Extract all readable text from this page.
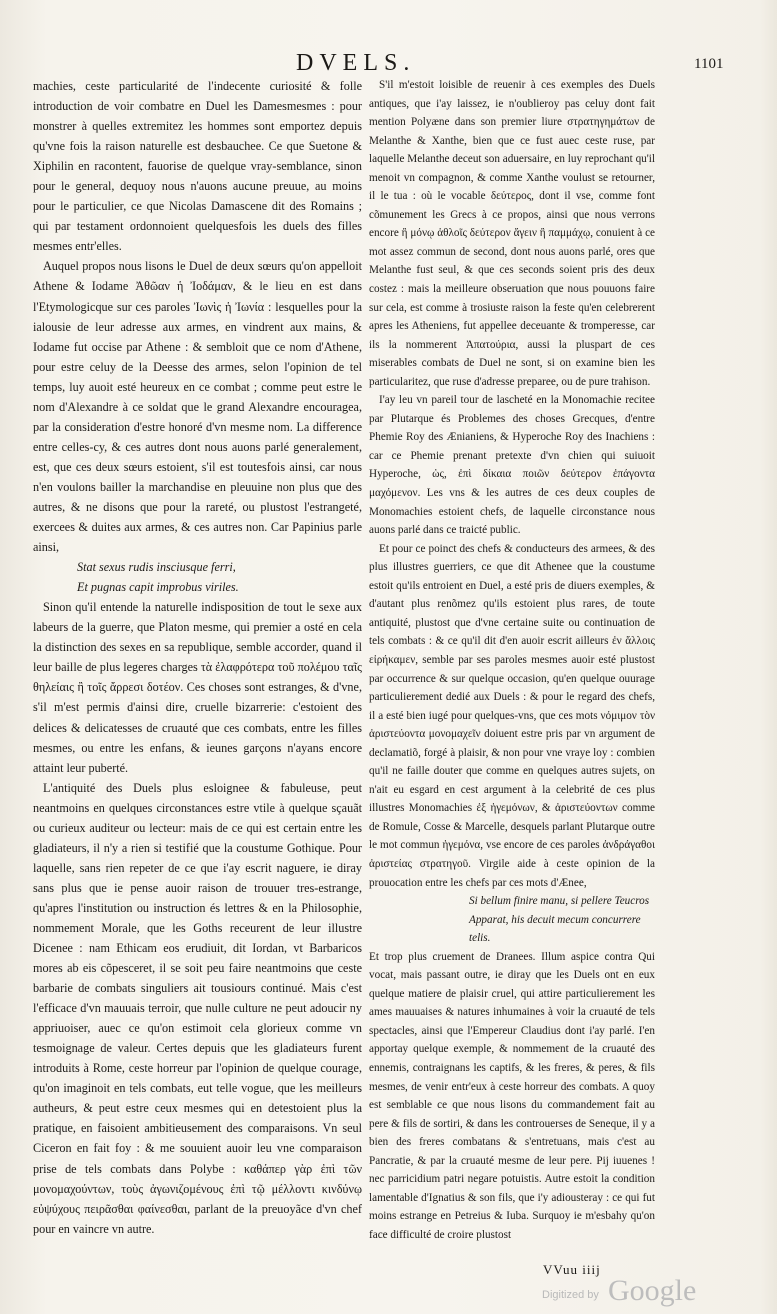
DVELS.	1101

machies, ceste particularité de l'indecente curiosité & folle introduction de voir combatre en Duel les Damesmesmes : pour monstrer à quelles extremitez les hommes sont emportez depuis qu'vne fois la raison naturelle est desbauchee. Ce que Suetone & Xiphilin en racontent, fauorise de quelque vray-semblance, sinon pour le general, dequoy nous n'auons aucune preuue, au moins pour le particulier, ce que Nicolas Damascene dit des Romains ; qui par testament ordonnoient quelquesfois les duels des filles mesmes entr'elles.

Auquel propos nous lisons le Duel de deux sœurs qu'on appelloit Athene & Iodame Ἀθῶαν ἡ Ἰοδάμαν, & le lieu en est dans l'Etymologicque sur ces paroles Ἰωνὶς ἡ Ἰωνία : lesquelles pour la ialousie de leur adresse aux armes, en vindrent aux mains, & Iodame fut occise par Athene : & sembloit que ce nom d'Athene, pour estre celuy de la Deesse des armes, selon l'opinion de tel temps, luy auoit esté heureux en ce combat ; comme peut estre le nom d'Alexandre à ce soldat que le grand Alexandre encouragea, par la consideration d'estre honoré d'vn mesme nom. La difference entre celles-cy, & ces autres dont nous auons parlé generalement, est, que ces deux sœurs estoient, s'il est toutesfois ainsi, car nous n'en voulons bailler la marchandise en pleuuine non plus que des autres, & ne disons que pour la rareté, ou plustost l'estrangeté, exercees & duites aux armes, & ces autres non. Car Papinius parle ainsi,

Stat sexus rudis insciusque ferri,

Et pugnas capit improbus viriles.

Sinon qu'il entende la naturelle indisposition de tout le sexe aux labeurs de la guerre, que Platon mesme, qui premier a osté en cela la distinction des sexes en sa republique, semble accorder, quand il leur baille de plus legeres charges τὰ ἐλαφρότερα τοῦ πολέμου ταῖς θηλείαις ἢ τοῖς ἄρρεσι δοτέον. Ces choses sont estranges, & d'vne, s'il m'est permis d'ainsi dire, cruelle bizarrerie: c'estoient des delices & delicatesses de cruauté que ces combats, entre les filles mesmes, ou entre les enfans, & ieunes garçons n'ayans encore attaint leur puberté.

L'antiquité des Duels plus esloignee & fabuleuse, peut neantmoins en quelques circonstances estre vtile à quelque sçauãt ou curieux auditeur ou lecteur: mais de ce qui est certain entre les gladiateurs, il n'y a rien si testifié que la coustume Gothique. Pour laquelle, sans rien repeter de ce que i'ay escrit naguere, ie diray sans plus que ie pense auoir raison de trouuer tres-estrange, qu'apres l'institution ou instruction és lettres & en la Philosophie, nommement Morale, que les Goths receurent de leur illustre Dicenee : nam Ethicam eos erudiuit, dit Iordan, vt Barbaricos mores ab eis cõpesceret, il se soit peu faire neantmoins que ceste barbarie de combats singuliers ait tousiours continué. Mais c'est l'efficace d'vn mauuais terroir, que nulle culture ne peut adoucir ny appriuoiser, auec ce qu'on estimoit cela glorieux comme vn tesmoignage de valeur. Certes depuis que les gladiateurs furent introduits à Rome, ceste horreur par l'opinion de quelque courage, qu'on imaginoit en tels combats, eut telle vogue, que les meilleurs autheurs, & peut estre ceux mesmes qui en detestoient plus la pratique, en faisoient ambitieusement des comparaisons. Vn seul Ciceron en fait foy : & me souuient auoir leu vne comparaison prise de tels combats dans Polybe : καθάπερ γὰρ ἐπὶ τῶν μονομαχούντων, τοὺς ἀγωνιζομένους ἐπὶ τῷ μέλλοντι κινδύνῳ εὐψύχους πειρᾶσθαι φαίνεσθαι, parlant de la preuoyãce d'vn chef pour en vaincre vn autre.

S'il m'estoit loisible de reuenir à ces exemples des Duels antiques, que i'ay laissez, ie n'oublieroy pas celuy dont fait mention Polyæne dans son premier liure στρατηγημάτων de Melanthe & Xanthe, bien que ce fust auec ceste ruse, par laquelle Melanthe deceut son aduersaire, en luy reprochant qu'il menoit vn compagnon, & comme Xanthe voulust se retourner, il le tua : où le vocable δεύτερος, dont il vse, comme font cõmunement les Grecs à ce propos, ainsi que nous verrons encore ἢ μόνῳ ἀθλοῖς δεύτερον ἄγειν ἢ παμμάχῳ, conuient à ce mot assez commun de second, dont nous auons parlé, ores que Melanthe fust seul, & que ces seconds soient pris des deux costez : mais la meilleure obseruation que nous pouuons faire sur cela, est comme à trosiuste raison la feste qu'en celebrerent apres les Atheniens, fut appellee deceuante & tromperesse, car ils la nommerent Ἀπατούρια, aussi la pluspart de ces miserables combats de Duel ne sont, si on examine bien les particularitez, que ruse d'adresse preparee, ou de pure trahison.

I'ay leu vn pareil tour de lascheté en la Monomachie recitee par Plutarque és Problemes des choses Grecques, d'entre Phemie Roy des Ænianiens, & Hyperoche Roy des Inachiens : car ce Phemie prenant pretexte d'vn chien qui suiuoit Hyperoche, ὡς, ἐπὶ δίκαια ποιῶν δεύτερον ἐπάγοντα μαχόμενον. Les vns & les autres de ces deux couples de Monomachies estoient chefs, de laquelle circonstance nous auons parlé dans ce traicté public.

Et pour ce poinct des chefs & conducteurs des armees, & des plus illustres guerriers, ce que dit Athenee que la coustume estoit qu'ils entroient en Duel, a esté pris de diuers exemples, & d'autant plus renõmez qu'ils estoient plus rares, de toute antiquité, plustost que d'vne certaine suite ou continuation de tels combats : & ce qu'il dit d'en auoir escrit ailleurs ἐν ἄλλοις εἰρήκαμεν, semble par ses paroles mesmes auoir esté plustost par occurrence & sur quelque occasion, qu'en quelque ouurage particulierement dedié aux Duels : & pour le regard des chefs, il a esté bien iugé pour quelques-vns, que ces mots νόμιμον τὸν ἀριστεύοντα μονομαχεῖν doiuent estre pris par vn argument de declamatiõ, forgé à plaisir, & non pour vne vraye loy : combien qu'il ne faille douter que comme en quelques autres sujets, on n'ait eu esgard en cest argument à la celebrité de ces plus illustres Monomachies ἐξ ἡγεμόνων, & ἀριστεύοντων comme de Romule, Cosse & Marcelle, desquels parlant Plutarque outre le mot commun ἡγεμόνα, vse encore de ces paroles ἀνδράγαθοι ἀριστείας στρατηγοῦ. Virgile aide à ceste opinion de la prouocation entre les chefs par ces mots d'Ænee,

Si bellum finire manu, si pellere Teucros

Apparat, his decuit mecum concurrere telis.

Et trop plus cruement de Dranees. Illum aspice contra Qui vocat, mais passant outre, ie diray que les Duels ont en eux quelque matiere de plaisir cruel, qui attire particulierement les ames mauuaises & natures inhumaines à voir la cruauté de tels spectacles, ainsi que l'Empereur Claudius dont i'ay parlé. I'en apportay quelque exemple, & nommement de la cruauté des ennemis, contraignans les captifs, & les freres, & peres, & fils mesmes, de venir entr'eux à ceste horreur des combats. A quoy est semblable ce que nous lisons du commandement fait au pere & fils de sortiri, & dans les controuerses de Seneque, il y a bien des freres combatans & s'entretuans, mais c'est au Pancratie, & par la cruauté mesme de leur pere. Pij iuuenes ! nec parricidium patri negare potuistis. Autre estoit la condition lamentable d'Ignatius & son fils, que i'y adiousteray : ce qui fut moins estrange en Petreius & Iuba. Surquoy ie m'esbahy qu'on face difficulté de croire plustost

VVuu iiij
Digitized by Google
